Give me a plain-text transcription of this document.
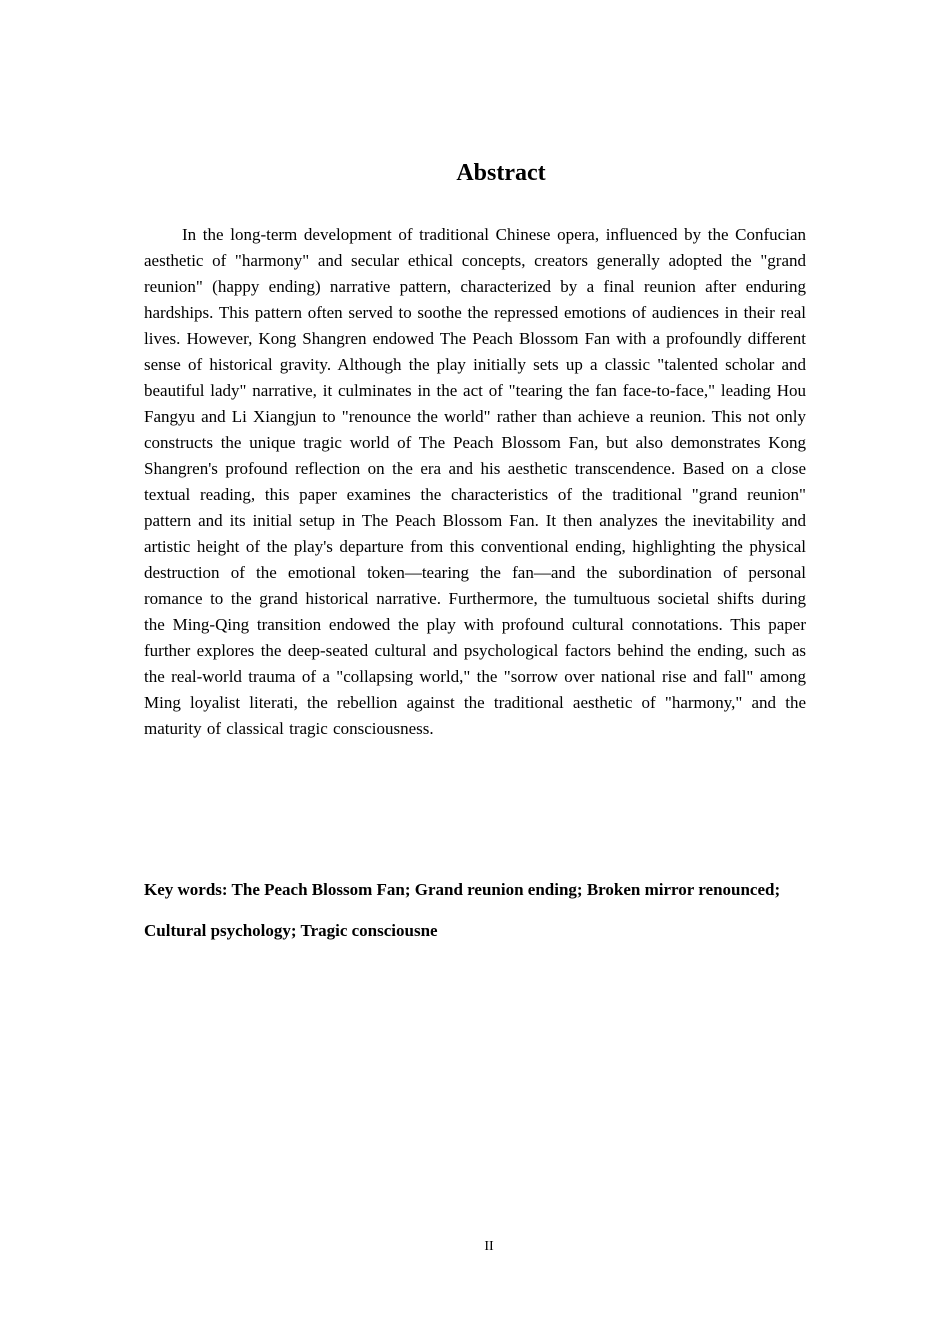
Abstract

In the long-term development of traditional Chinese opera, influenced by the Confucian aesthetic of "harmony" and secular ethical concepts, creators generally adopted the "grand reunion" (happy ending) narrative pattern, characterized by a final reunion after enduring hardships. This pattern often served to soothe the repressed emotions of audiences in their real lives. However, Kong Shangren endowed The Peach Blossom Fan with a profoundly different sense of historical gravity. Although the play initially sets up a classic "talented scholar and beautiful lady" narrative, it culminates in the act of "tearing the fan face-to-face," leading Hou Fangyu and Li Xiangjun to "renounce the world" rather than achieve a reunion. This not only constructs the unique tragic world of The Peach Blossom Fan, but also demonstrates Kong Shangren's profound reflection on the era and his aesthetic transcendence. Based on a close textual reading, this paper examines the characteristics of the traditional "grand reunion" pattern and its initial setup in The Peach Blossom Fan. It then analyzes the inevitability and artistic height of the play's departure from this conventional ending, highlighting the physical destruction of the emotional token—tearing the fan—and the subordination of personal romance to the grand historical narrative. Furthermore, the tumultuous societal shifts during the Ming-Qing transition endowed the play with profound cultural connotations. This paper further explores the deep-seated cultural and psychological factors behind the ending, such as the real-world trauma of a "collapsing world," the "sorrow over national rise and fall" among Ming loyalist literati, the rebellion against the traditional aesthetic of "harmony," and the maturity of classical tragic consciousness.

Key words: The Peach Blossom Fan; Grand reunion ending; Broken mirror renounced; Cultural psychology; Tragic consciousne

II
